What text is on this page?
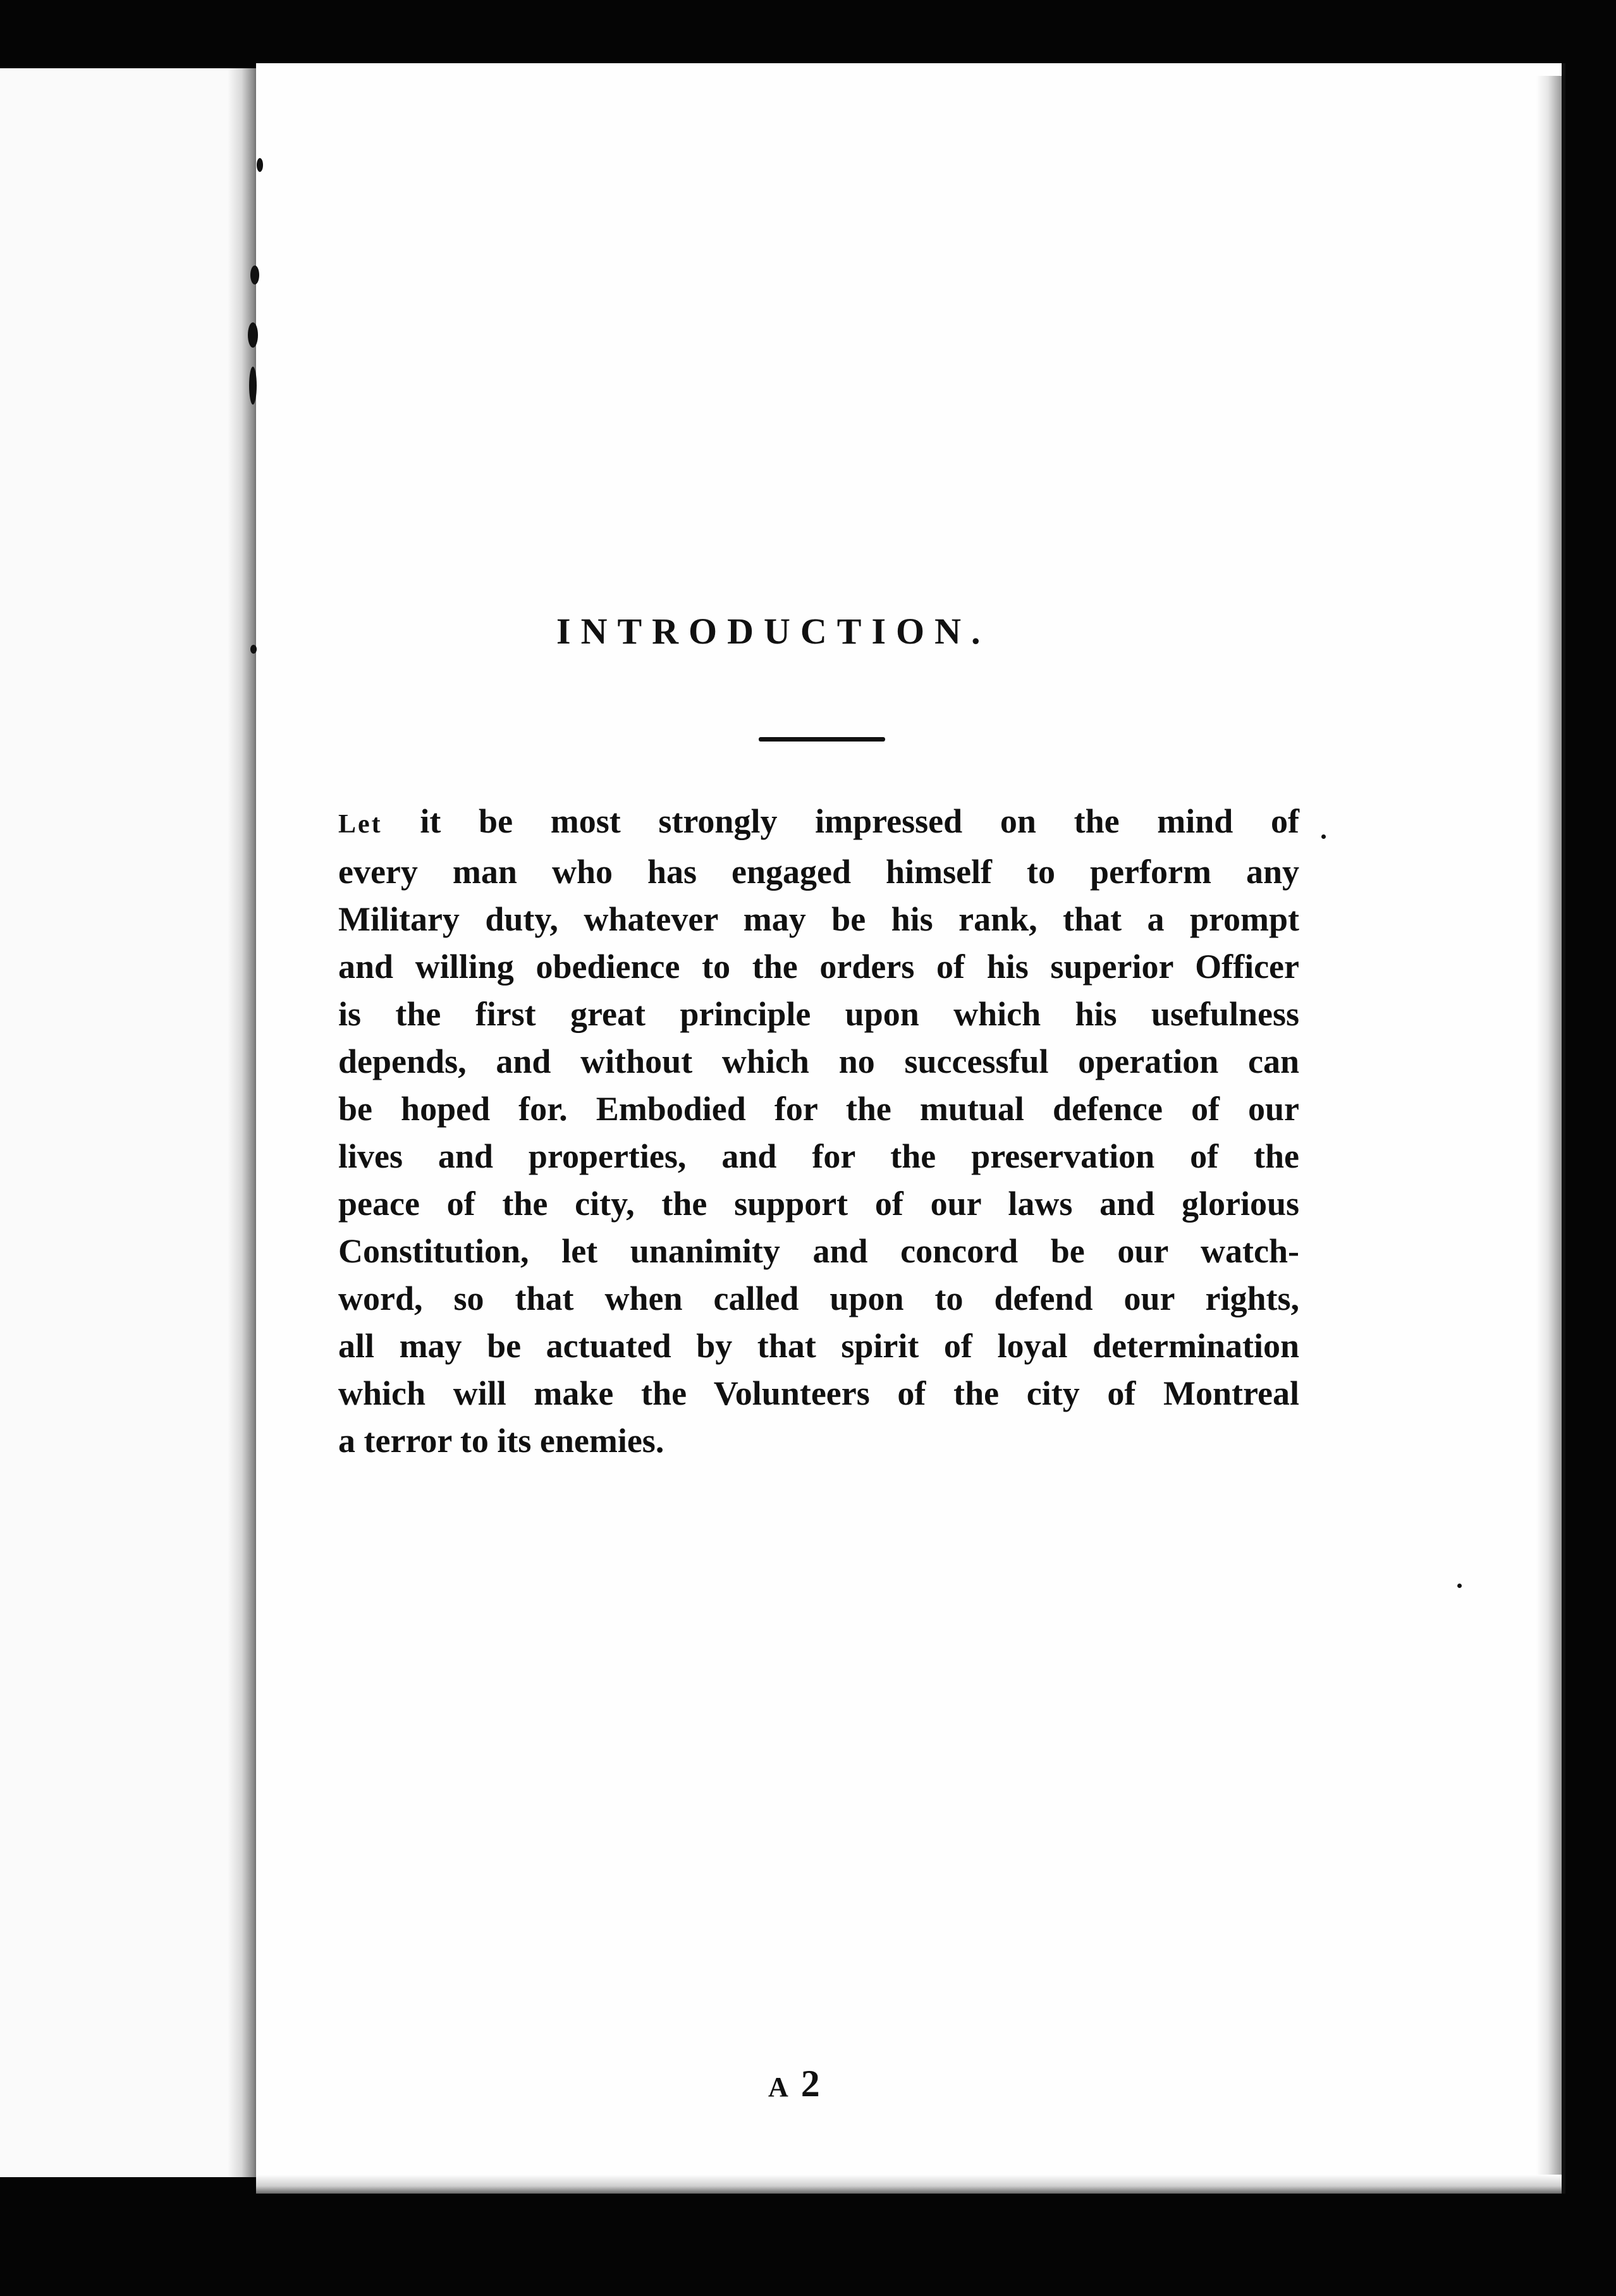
INTRODUCTION.
Let it be most strongly impressed on the mind of
every man who has engaged himself to perform any
Military duty, whatever may be his rank, that a prompt
and willing obedience to the orders of his superior Officer
is the first great principle upon which his usefulness
depends, and without which no successful operation can
be hoped for. Embodied for the mutual defence of our
lives and properties, and for the preservation of the
peace of the city, the support of our laws and glorious
Constitution, let unanimity and concord be our watch-
word, so that when called upon to defend our rights,
all may be actuated by that spirit of loyal determination
which will make the Volunteers of the city of Montreal
a terror to its enemies.
A 2
